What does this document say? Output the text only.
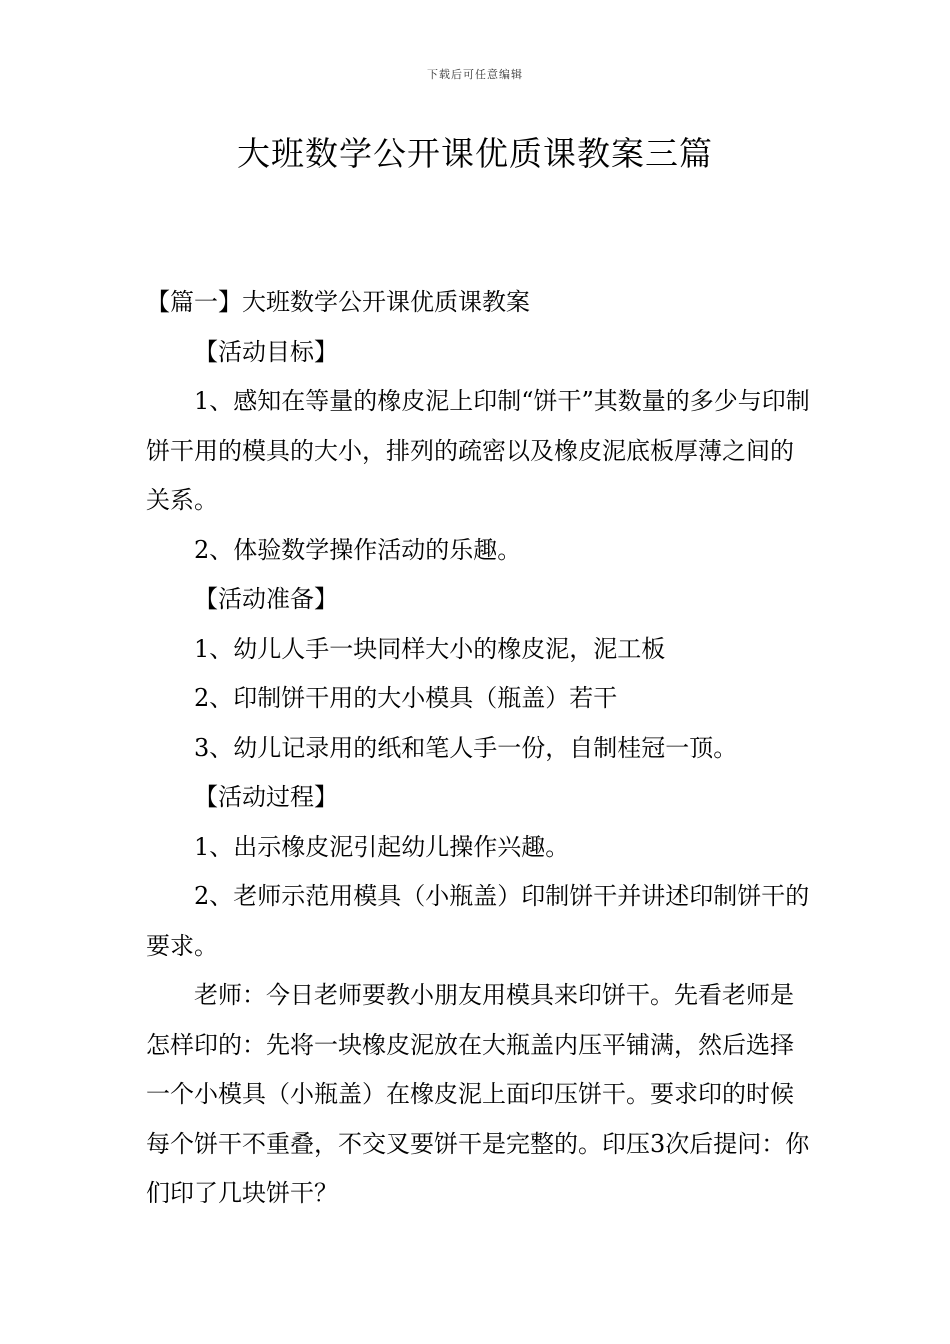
下载后可任意编辑
大班数学公开课优质课教案三篇

【篇一】大班数学公开课优质课教案

【活动目标】

1、感知在等量的橡皮泥上印制“饼干”其数量的多少与印制饼干用的模具的大小，排列的疏密以及橡皮泥底板厚薄之间的关系。

2、体验数学操作活动的乐趣。

【活动准备】

1、幼儿人手一块同样大小的橡皮泥，泥工板

2、印制饼干用的大小模具（瓶盖）若干

3、幼儿记录用的纸和笔人手一份，自制桂冠一顶。

【活动过程】

1、出示橡皮泥引起幼儿操作兴趣。

2、老师示范用模具（小瓶盖）印制饼干并讲述印制饼干的要求。

老师：今日老师要教小朋友用模具来印饼干。先看老师是怎样印的：先将一块橡皮泥放在大瓶盖内压平铺满，然后选择一个小模具（小瓶盖）在橡皮泥上面印压饼干。要求印的时候每个饼干不重叠，不交叉要饼干是完整的。印压3次后提问：你们印了几块饼干？
